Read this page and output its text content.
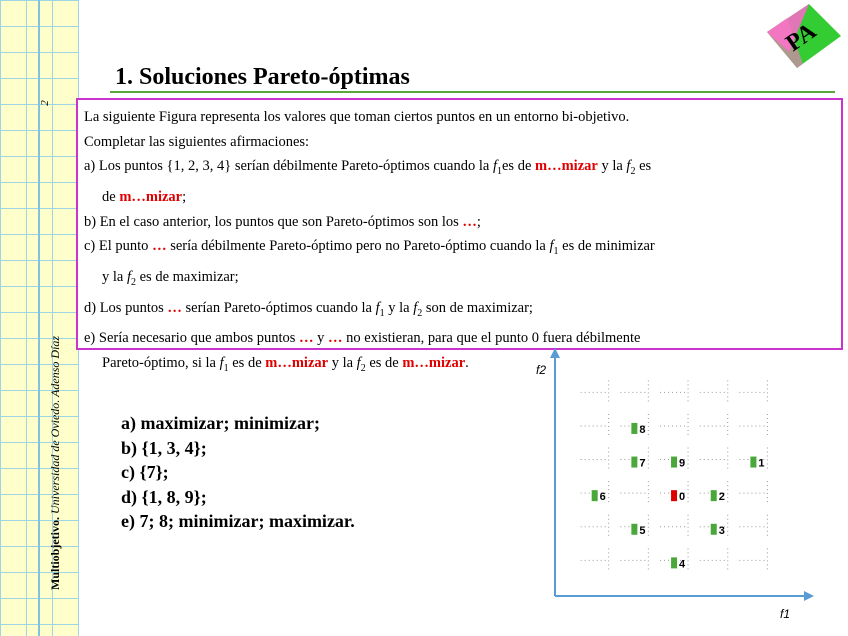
2
Multiobjetivo. Universidad de Oviedo. Adenso Díaz
PA
1. Soluciones Pareto-óptimas

La siguiente Figura representa los valores que toman ciertos puntos en un entorno bi-objetivo.

Completar las siguientes afirmaciones:

a) Los puntos {1, 2, 3, 4} serían débilmente Pareto-óptimos cuando la $f_1es$ de m…mizar y la $f_2$ es

de m…mizar;

b) En el caso anterior, los puntos que son Pareto-óptimos son los …;

c) El punto … sería débilmente Pareto-óptimo pero no Pareto-óptimo cuando la $f_1$ es de minimizar

y la $f_2$ es de maximizar;

d) Los puntos … serían Pareto-óptimos cuando la $f_1$ y la $f_2$ son de maximizar;

e) Sería necesario que ambos puntos … y … no existieran, para que el punto 0 fuera débilmente

Pareto-óptimo, si la $f_1$ es de m…mizar y la $f_2$ es de m…mizar.

a) maximizar; minimizar;
b) {1, 3, 4};
c) {7};
d) {1, 8, 9};
e) 7; 8; minimizar; maximizar.
f2
f1
0
1
2
3
4
5
6
7
8
9
